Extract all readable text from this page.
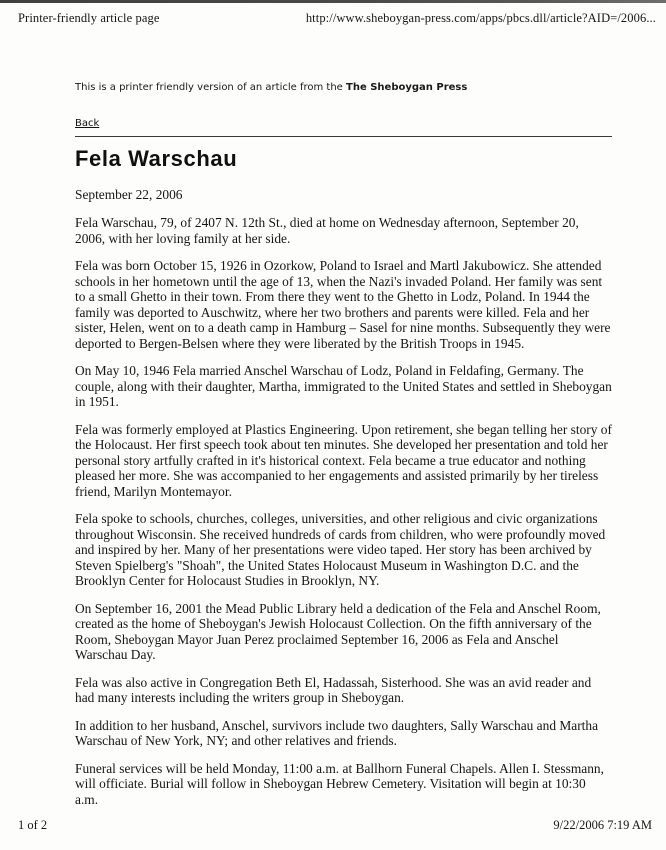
Printer-friendly article page	http://www.sheboygan-press.com/apps/pbcs.dll/article?AID=/2006...

This is a printer friendly version of an article from the The Sheboygan Press

Back
Fela Warschau

September 22, 2006

Fela Warschau, 79, of 2407 N. 12th St., died at home on Wednesday afternoon, September 20, 2006, with her loving family at her side.

Fela was born October 15, 1926 in Ozorkow, Poland to Israel and Martl Jakubowicz. She attended schools in her hometown until the age of 13, when the Nazi's invaded Poland. Her family was sent to a small Ghetto in their town. From there they went to the Ghetto in Lodz, Poland. In 1944 the family was deported to Auschwitz, where her two brothers and parents were killed. Fela and her sister, Helen, went on to a death camp in Hamburg – Sasel for nine months. Subsequently they were deported to Bergen-Belsen where they were liberated by the British Troops in 1945.

On May 10, 1946 Fela married Anschel Warschau of Lodz, Poland in Feldafing, Germany. The couple, along with their daughter, Martha, immigrated to the United States and settled in Sheboygan in 1951.

Fela was formerly employed at Plastics Engineering. Upon retirement, she began telling her story of the Holocaust. Her first speech took about ten minutes. She developed her presentation and told her personal story artfully crafted in it's historical context. Fela became a true educator and nothing pleased her more. She was accompanied to her engagements and assisted primarily by her tireless friend, Marilyn Montemayor.

Fela spoke to schools, churches, colleges, universities, and other religious and civic organizations throughout Wisconsin. She received hundreds of cards from children, who were profoundly moved and inspired by her. Many of her presentations were video taped. Her story has been archived by Steven Spielberg's "Shoah", the United States Holocaust Museum in Washington D.C. and the Brooklyn Center for Holocaust Studies in Brooklyn, NY.

On September 16, 2001 the Mead Public Library held a dedication of the Fela and Anschel Room, created as the home of Sheboygan's Jewish Holocaust Collection. On the fifth anniversary of the Room, Sheboygan Mayor Juan Perez proclaimed September 16, 2006 as Fela and Anschel Warschau Day.

Fela was also active in Congregation Beth El, Hadassah, Sisterhood. She was an avid reader and had many interests including the writers group in Sheboygan.

In addition to her husband, Anschel, survivors include two daughters, Sally Warschau and Martha Warschau of New York, NY; and other relatives and friends.

Funeral services will be held Monday, 11:00 a.m. at Ballhorn Funeral Chapels. Allen I. Stessmann, will officiate. Burial will follow in Sheboygan Hebrew Cemetery. Visitation will begin at 10:30 a.m.

1 of 2	9/22/2006 7:19 AM
